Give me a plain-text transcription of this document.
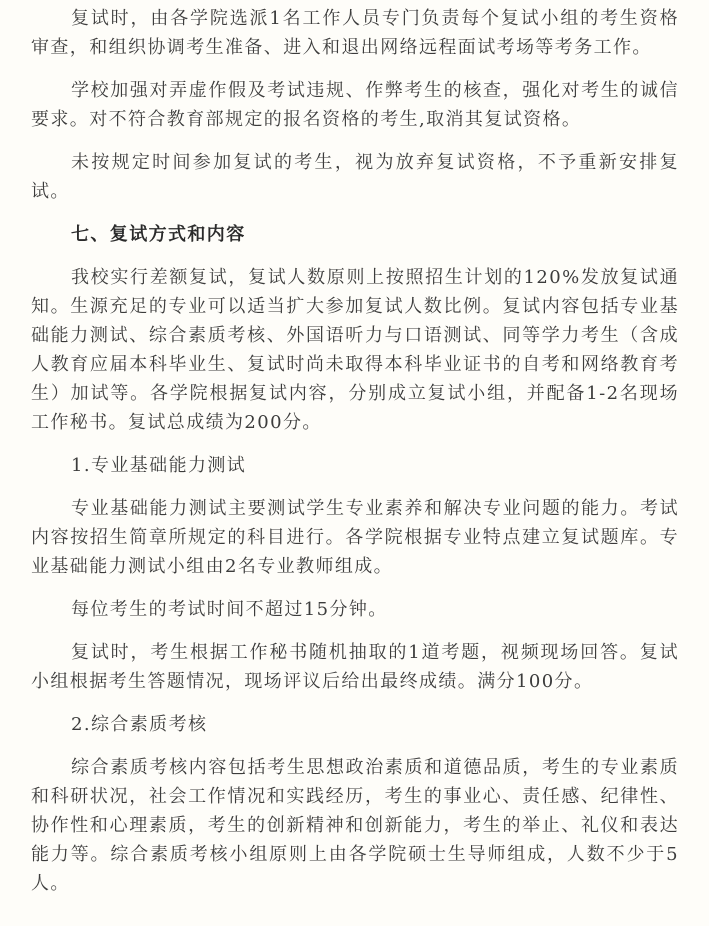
复试时，由各学院选派1名工作人员专门负责每个复试小组的考生资格审查，和组织协调考生准备、进入和退出网络远程面试考场等考务工作。

学校加强对弄虚作假及考试违规、作弊考生的核查，强化对考生的诚信要求。对不符合教育部规定的报名资格的考生,取消其复试资格。

未按规定时间参加复试的考生，视为放弃复试资格，不予重新安排复试。

七、复试方式和内容

我校实行差额复试，复试人数原则上按照招生计划的120%发放复试通知。生源充足的专业可以适当扩大参加复试人数比例。复试内容包括专业基础能力测试、综合素质考核、外国语听力与口语测试、同等学力考生（含成人教育应届本科毕业生、复试时尚未取得本科毕业证书的自考和网络教育考生）加试等。各学院根据复试内容，分别成立复试小组，并配备1-2名现场工作秘书。复试总成绩为200分。

1.专业基础能力测试

专业基础能力测试主要测试学生专业素养和解决专业问题的能力。考试内容按招生简章所规定的科目进行。各学院根据专业特点建立复试题库。专业基础能力测试小组由2名专业教师组成。

每位考生的考试时间不超过15分钟。

复试时，考生根据工作秘书随机抽取的1道考题，视频现场回答。复试小组根据考生答题情况，现场评议后给出最终成绩。满分100分。

2.综合素质考核

综合素质考核内容包括考生思想政治素质和道德品质，考生的专业素质和科研状况，社会工作情况和实践经历，考生的事业心、责任感、纪律性、协作性和心理素质，考生的创新精神和创新能力，考生的举止、礼仪和表达能力等。综合素质考核小组原则上由各学院硕士生导师组成，人数不少于5人。
